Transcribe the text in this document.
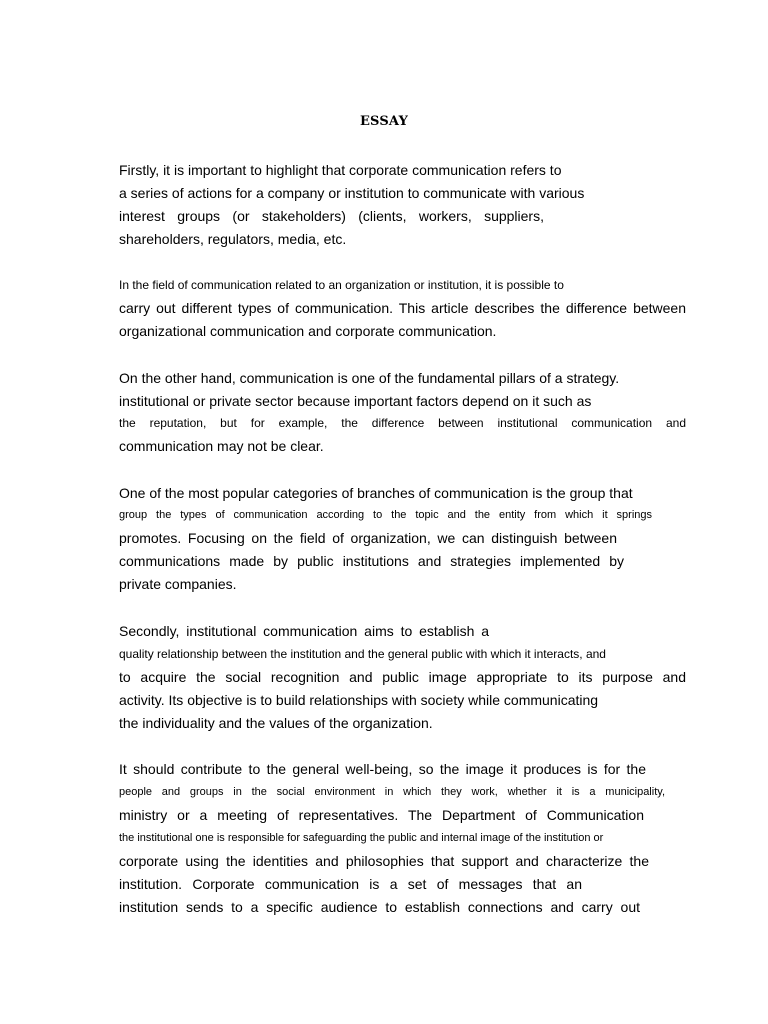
ESSAY
Firstly, it is important to highlight that corporate communication refers to
a series of actions for a company or institution to communicate with various
interest groups (or stakeholders) (clients, workers, suppliers,
shareholders, regulators, media, etc.
In the field of communication related to an organization or institution, it is possible to
carry out different types of communication. This article describes the difference between
organizational communication and corporate communication.
On the other hand, communication is one of the fundamental pillars of a strategy.
institutional or private sector because important factors depend on it such as
the reputation, but for example, the difference between institutional communication and
communication may not be clear.
One of the most popular categories of branches of communication is the group that
group the types of communication according to the topic and the entity from which it springs
promotes. Focusing on the field of organization, we can distinguish between
communications made by public institutions and strategies implemented by
private companies.
Secondly, institutional communication aims to establish a
quality relationship between the institution and the general public with which it interacts, and
to acquire the social recognition and public image appropriate to its purpose and
activity. Its objective is to build relationships with society while communicating
the individuality and the values of the organization.
It should contribute to the general well-being, so the image it produces is for the
people and groups in the social environment in which they work, whether it is a municipality,
ministry or a meeting of representatives. The Department of Communication
the institutional one is responsible for safeguarding the public and internal image of the institution or
corporate using the identities and philosophies that support and characterize the
institution. Corporate communication is a set of messages that an
institution sends to a specific audience to establish connections and carry out
